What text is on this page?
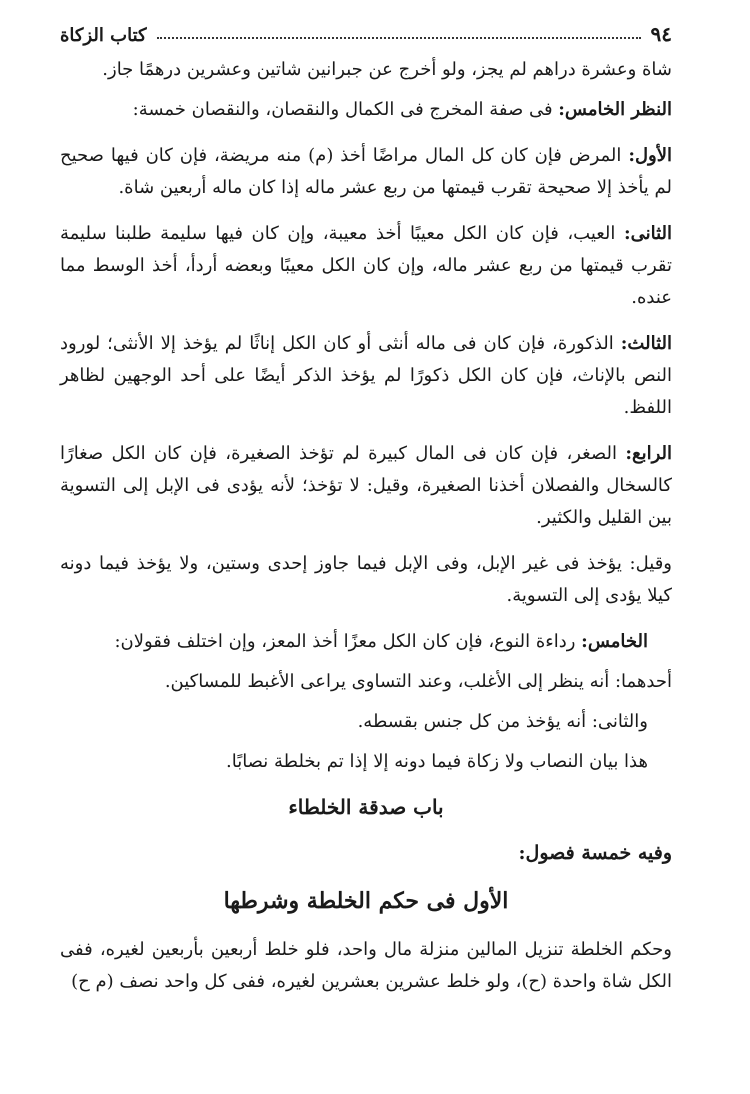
٩٤
كتاب الزكاة

شاة وعشرة دراهم لم يجز، ولو أخرج عن جبرانين شاتين وعشرين درهمًا جاز.

النظر الخامس: فى صفة المخرج فى الكمال والنقصان، والنقصان خمسة:

الأول: المرض فإن كان كل المال مراضًا أخذ (م) منه مريضة، فإن كان فيها صحيح لم يأخذ إلا صحيحة تقرب قيمتها من ربع عشر ماله إذا كان ماله أربعين شاة.

الثانى: العيب، فإن كان الكل معيبًا أخذ معيبة، وإن كان فيها سليمة طلبنا سليمة تقرب قيمتها من ربع عشر ماله، وإن كان الكل معيبًا وبعضه أردأ، أخذ الوسط مما عنده.

الثالث: الذكورة، فإن كان فى ماله أنثى أو كان الكل إناثًا لم يؤخذ إلا الأنثى؛ لورود النص بالإناث، فإن كان الكل ذكورًا لم يؤخذ الذكر أيضًا على أحد الوجهين لظاهر اللفظ.

الرابع: الصغر، فإن كان فى المال كبيرة لم تؤخذ الصغيرة، فإن كان الكل صغارًا كالسخال والفصلان أخذنا الصغيرة، وقيل: لا تؤخذ؛ لأنه يؤدى فى الإبل إلى التسوية بين القليل والكثير.

وقيل: يؤخذ فى غير الإبل، وفى الإبل فيما جاوز إحدى وستين، ولا يؤخذ فيما دونه كيلا يؤدى إلى التسوية.

الخامس: رداءة النوع، فإن كان الكل معزًا أخذ المعز، وإن اختلف فقولان:

أحدهما: أنه ينظر إلى الأغلب، وعند التساوى يراعى الأغبط للمساكين.

والثانى: أنه يؤخذ من كل جنس بقسطه.

هذا بيان النصاب ولا زكاة فيما دونه إلا إذا تم بخلطة نصابًا.

باب صدقة الخلطاء
وفيه خمسة فصول:
الأول فى حكم الخلطة وشرطها

وحكم الخلطة تنزيل المالين منزلة مال واحد، فلو خلط أربعين بأربعين لغيره، ففى الكل شاة واحدة (ح)، ولو خلط عشرين بعشرين لغيره، ففى كل واحد نصف (م ح)
